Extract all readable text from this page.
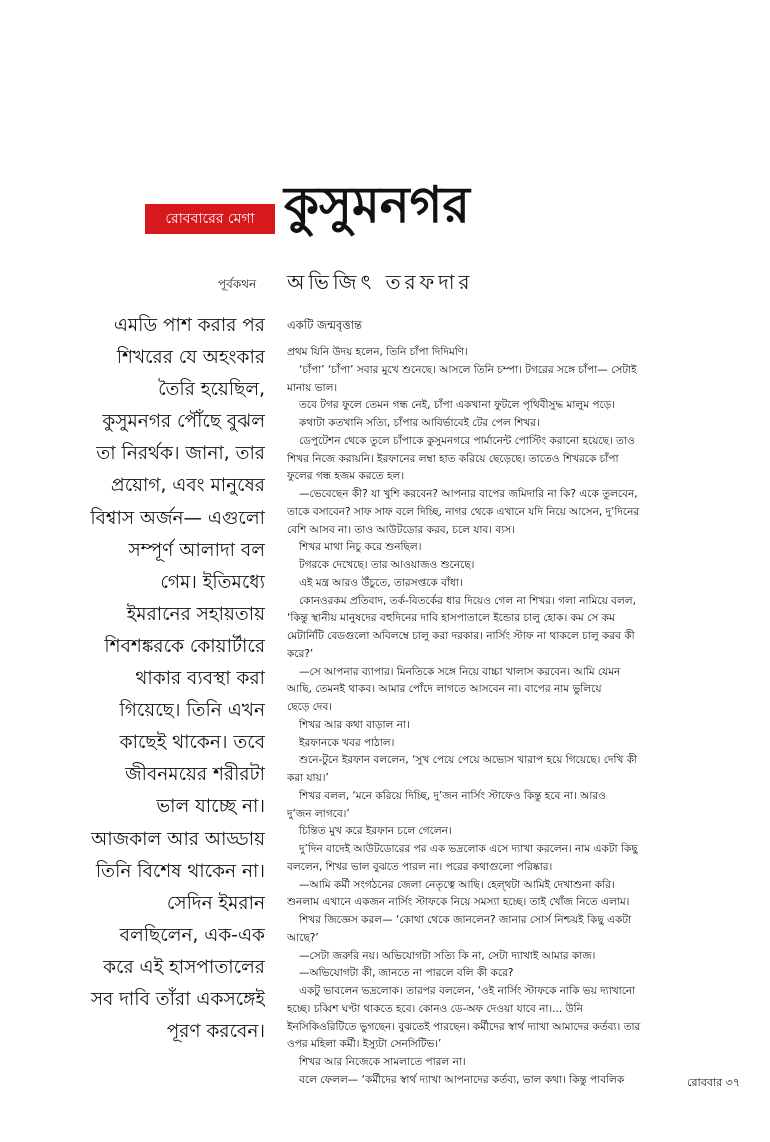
রোববারের মেগা কুসুমনগর
পূর্বকথন অভিজিৎ তরফদার
এমডি পাশ করার পর
শিখরের যে অহংকার
তৈরি হয়েছিল,
কুসুমনগর পৌঁছে বুঝল
তা নিরর্থক। জানা, তার
প্রয়োগ, এবং মানুষের
বিশ্বাস অর্জন— এগুলো
সম্পূর্ণ আলাদা বল
গেম। ইতিমধ্যে
ইমরানের সহায়তায়
শিবশঙ্করকে কোয়ার্টারে
থাকার ব্যবস্থা করা
গিয়েছে। তিনি এখন
কাছেই থাকেন। তবে
জীবনময়ের শরীরটা
ভাল যাচ্ছে না।
আজকাল আর আড্ডায়
তিনি বিশেষ থাকেন না।
সেদিন ইমরান
বলছিলেন, এক-এক
করে এই হাসপাতালের
সব দাবি তাঁরা একসঙ্গেই
পূরণ করবেন।
একটি জন্মবৃত্তান্ত
প্রথম যিনি উদয় হলেন, তিনি চাঁপা দিদিমণি।
‘চাঁপা’ ‘চাঁপা’ সবার মুখে শুনেছে। আসলে তিনি চম্পা। টগরের সঙ্গে চাঁপা— সেটাই
মানায় ভাল।
তবে টগর ফুলে তেমন গন্ধ নেই, চাঁপা একখানা ফুটলে পৃথিবীসুদ্ধ মালুম পড়ে।
কথাটা কতখানি সত্যি, চাঁপার আবির্ভাবেই টের পেল শিখর।
ডেপুটেশন থেকে তুলে চাঁপাকে কুসুমনগরে পার্মানেন্ট পোস্টিং করানো হয়েছে। তাও
শিখর নিজে করায়নি। ইরফানের লম্বা হাত করিয়ে ছেড়েছে। তাতেও শিখরকে চাঁপা
ফুলের গন্ধ হজম করতে হল।
—ভেবেছেন কী? যা খুশি করবেন? আপনার বাপের জমিদারি না কি? একে তুলবেন,
তাকে বসাবেন? সাফ সাফ বলে দিচ্ছি, নাগর থেকে এখানে যদি নিয়ে আসেন, দু’দিনের
বেশি আসব না। তাও আউটডোর করব, চলে যাব। ব্যস।
শিখর মাথা নিচু করে শুনছিল।
টগরকে দেখেছে। তার আওয়াজও শুনেছে।
এই মন্ত্র আরও উঁচুতে, তারসপ্তকে বাঁধা।
কোনওরকম প্রতিবাদ, তর্ক-বিতর্কের ধার দিয়েও গেল না শিখর। গলা নামিয়ে বলল,
‘কিন্তু স্থানীয় মানুষদের বহুদিনের দাবি হাসপাতালে ইন্ডোর চালু হোক। কম সে কম
মেটার্নিটি বেডগুলো অবিলম্বে চালু করা দরকার। নার্সিং স্টাফ না থাকলে চালু করব কী
করে?’
—সে আপনার ব্যাপার। মিনতিকে সঙ্গে নিয়ে বাচ্চা খালাস করবেন। আমি যেমন
আছি, তেমনই থাকব। আমার পোঁদে লাগতে আসবেন না। বাপের নাম ভুলিয়ে
ছেড়ে দেব।
শিখর আর কথা বাড়াল না।
ইরফানকে খবর পাঠাল।
শুনে-টুনে ইরফান বললেন, ‘সুখ পেয়ে পেয়ে অভ্যেস খারাপ হয়ে গিয়েছে। দেখি কী
করা যায়।’
শিখর বলল, ‘মনে করিয়ে দিচ্ছি, দু’জন নার্সিং স্টাফেও কিন্তু হবে না। আরও
দু’জন লাগবে।’
চিন্তিত মুখ করে ইরফান চলে গেলেন।
দু’দিন বাদেই আউটডোরের পর এক ভদ্রলোক এসে দ্যাখা করলেন। নাম একটা কিছু
বললেন, শিখর ভাল বুঝতে পারল না। পরের কথাগুলো পরিষ্কার।
—আমি কর্মী সংগঠনের জেলা নেতৃত্বে আছি। হেল্‌থটা আমিই দেখাশুনা করি।
শুনলাম এখানে একজন নার্সিং স্টাফকে নিয়ে সমস্যা হচ্ছে। তাই খোঁজ নিতে এলাম।
শিখর জিজ্ঞেস করল— ‘কোথা থেকে জানলেন? জানার সোর্স নিশ্চয়ই কিছু একটা
আছে?’
—সেটা জরুরি নয়। অভিযোগটা সত্যি কি না, সেটা দ্যাখাই আমার কাজ।
—অভিযোগটা কী, জানতে না পারলে বলি কী করে?
একটু ভাবলেন ভদ্রলোক। তারপর বললেন, ‘ওই নার্সিং স্টাফকে নাকি ভয় দ্যাখানো
হচ্ছে। চব্বিশ ঘণ্টা থাকতে হবে। কোনও ডে-অফ দেওয়া যাবে না।... উনি
ইনসিকিওরিটিতে ভুগছেন। বুঝতেই পারছেন। কর্মীদের স্বার্থ দ্যাখা আমাদের কর্তব্য। তার
ওপর মহিলা কর্মী। ইস্যুটা সেনসিটিভ।’
শিখর আর নিজেকে সামলাতে পারল না।
বলে ফেলল— ‘কর্মীদের স্বার্থ দ্যাখা আপনাদের কর্তব্য, ভাল কথা। কিন্তু পাবলিক	রোববার ৩৭
